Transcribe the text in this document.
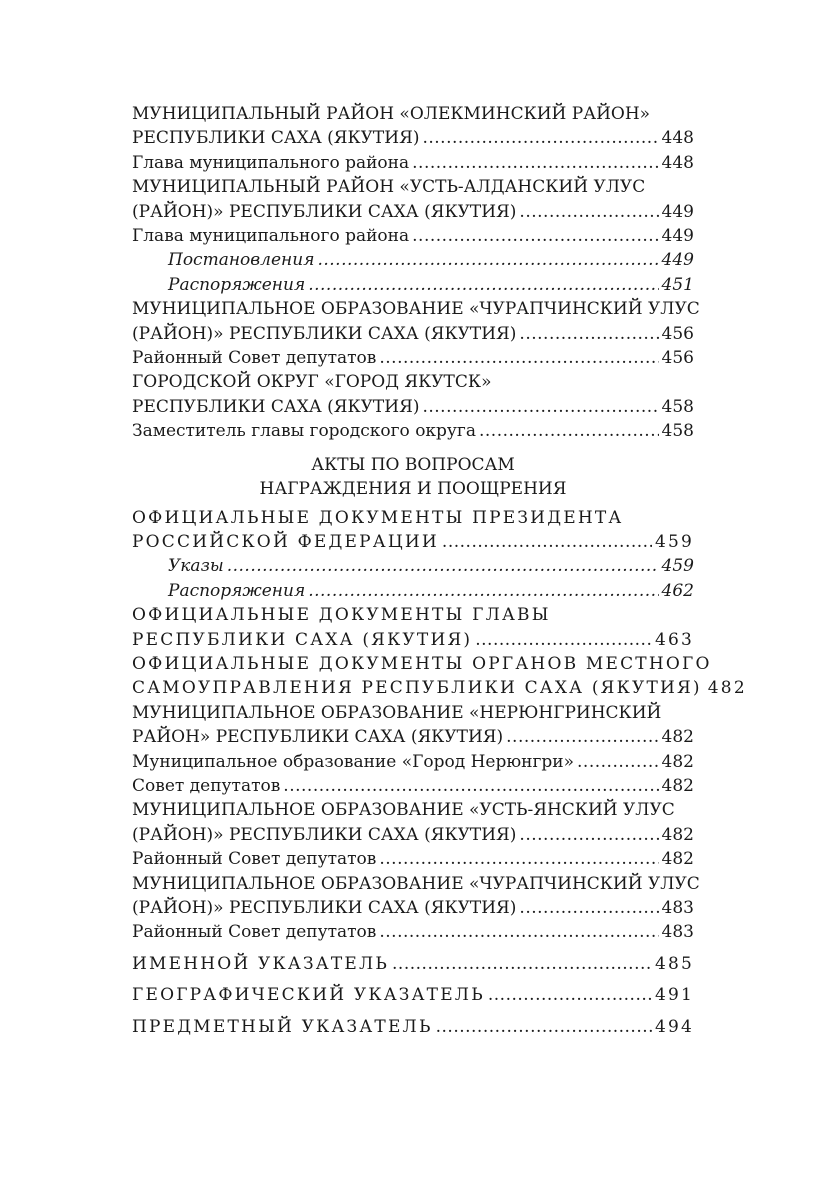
МУНИЦИПАЛЬНЫЙ РАЙОН «ОЛЕКМИНСКИЙ РАЙОН»
РЕСПУБЛИКИ САХА (ЯКУТИЯ) .....	448
Глава муниципального района .....	448
МУНИЦИПАЛЬНЫЙ РАЙОН «УСТЬ-АЛДАНСКИЙ УЛУС
(РАЙОН)» РЕСПУБЛИКИ САХА (ЯКУТИЯ) .....	449
Глава муниципального района .....	449
Постановления .....	449
Распоряжения .....	451
МУНИЦИПАЛЬНОЕ ОБРАЗОВАНИЕ «ЧУРАПЧИНСКИЙ УЛУС
(РАЙОН)» РЕСПУБЛИКИ САХА (ЯКУТИЯ) .....	456
Районный Совет депутатов .....	456
ГОРОДСКОЙ ОКРУГ «ГОРОД ЯКУТСК»
РЕСПУБЛИКИ САХА (ЯКУТИЯ) .....	458
Заместитель главы городского округа .....	458
АКТЫ ПО ВОПРОСАМ
НАГРАЖДЕНИЯ И ПООЩРЕНИЯ
ОФИЦИАЛЬНЫЕ ДОКУМЕНТЫ ПРЕЗИДЕНТА
РОССИЙСКОЙ ФЕДЕРАЦИИ .....	459
Указы .....	459
Распоряжения .....	462
ОФИЦИАЛЬНЫЕ ДОКУМЕНТЫ ГЛАВЫ
РЕСПУБЛИКИ САХА (ЯКУТИЯ) .....	463
ОФИЦИАЛЬНЫЕ ДОКУМЕНТЫ ОРГАНОВ МЕСТНОГО
САМОУПРАВЛЕНИЯ РЕСПУБЛИКИ САХА (ЯКУТИЯ) 482
МУНИЦИПАЛЬНОЕ ОБРАЗОВАНИЕ «НЕРЮНГРИНСКИЙ
РАЙОН» РЕСПУБЛИКИ САХА (ЯКУТИЯ) .....	482
Муниципальное образование «Город Нерюнгри» .....	482
Совет депутатов .....	482
МУНИЦИПАЛЬНОЕ ОБРАЗОВАНИЕ «УСТЬ-ЯНСКИЙ УЛУС
(РАЙОН)» РЕСПУБЛИКИ САХА (ЯКУТИЯ) .....	482
Районный Совет депутатов .....	482
МУНИЦИПАЛЬНОЕ ОБРАЗОВАНИЕ «ЧУРАПЧИНСКИЙ УЛУС
(РАЙОН)» РЕСПУБЛИКИ САХА (ЯКУТИЯ) .....	483
Районный Совет депутатов .....	483
ИМЕННОЙ УКАЗАТЕЛЬ .....	485
ГЕОГРАФИЧЕСКИЙ УКАЗАТЕЛЬ .....	491
ПРЕДМЕТНЫЙ УКАЗАТЕЛЬ .....	494
